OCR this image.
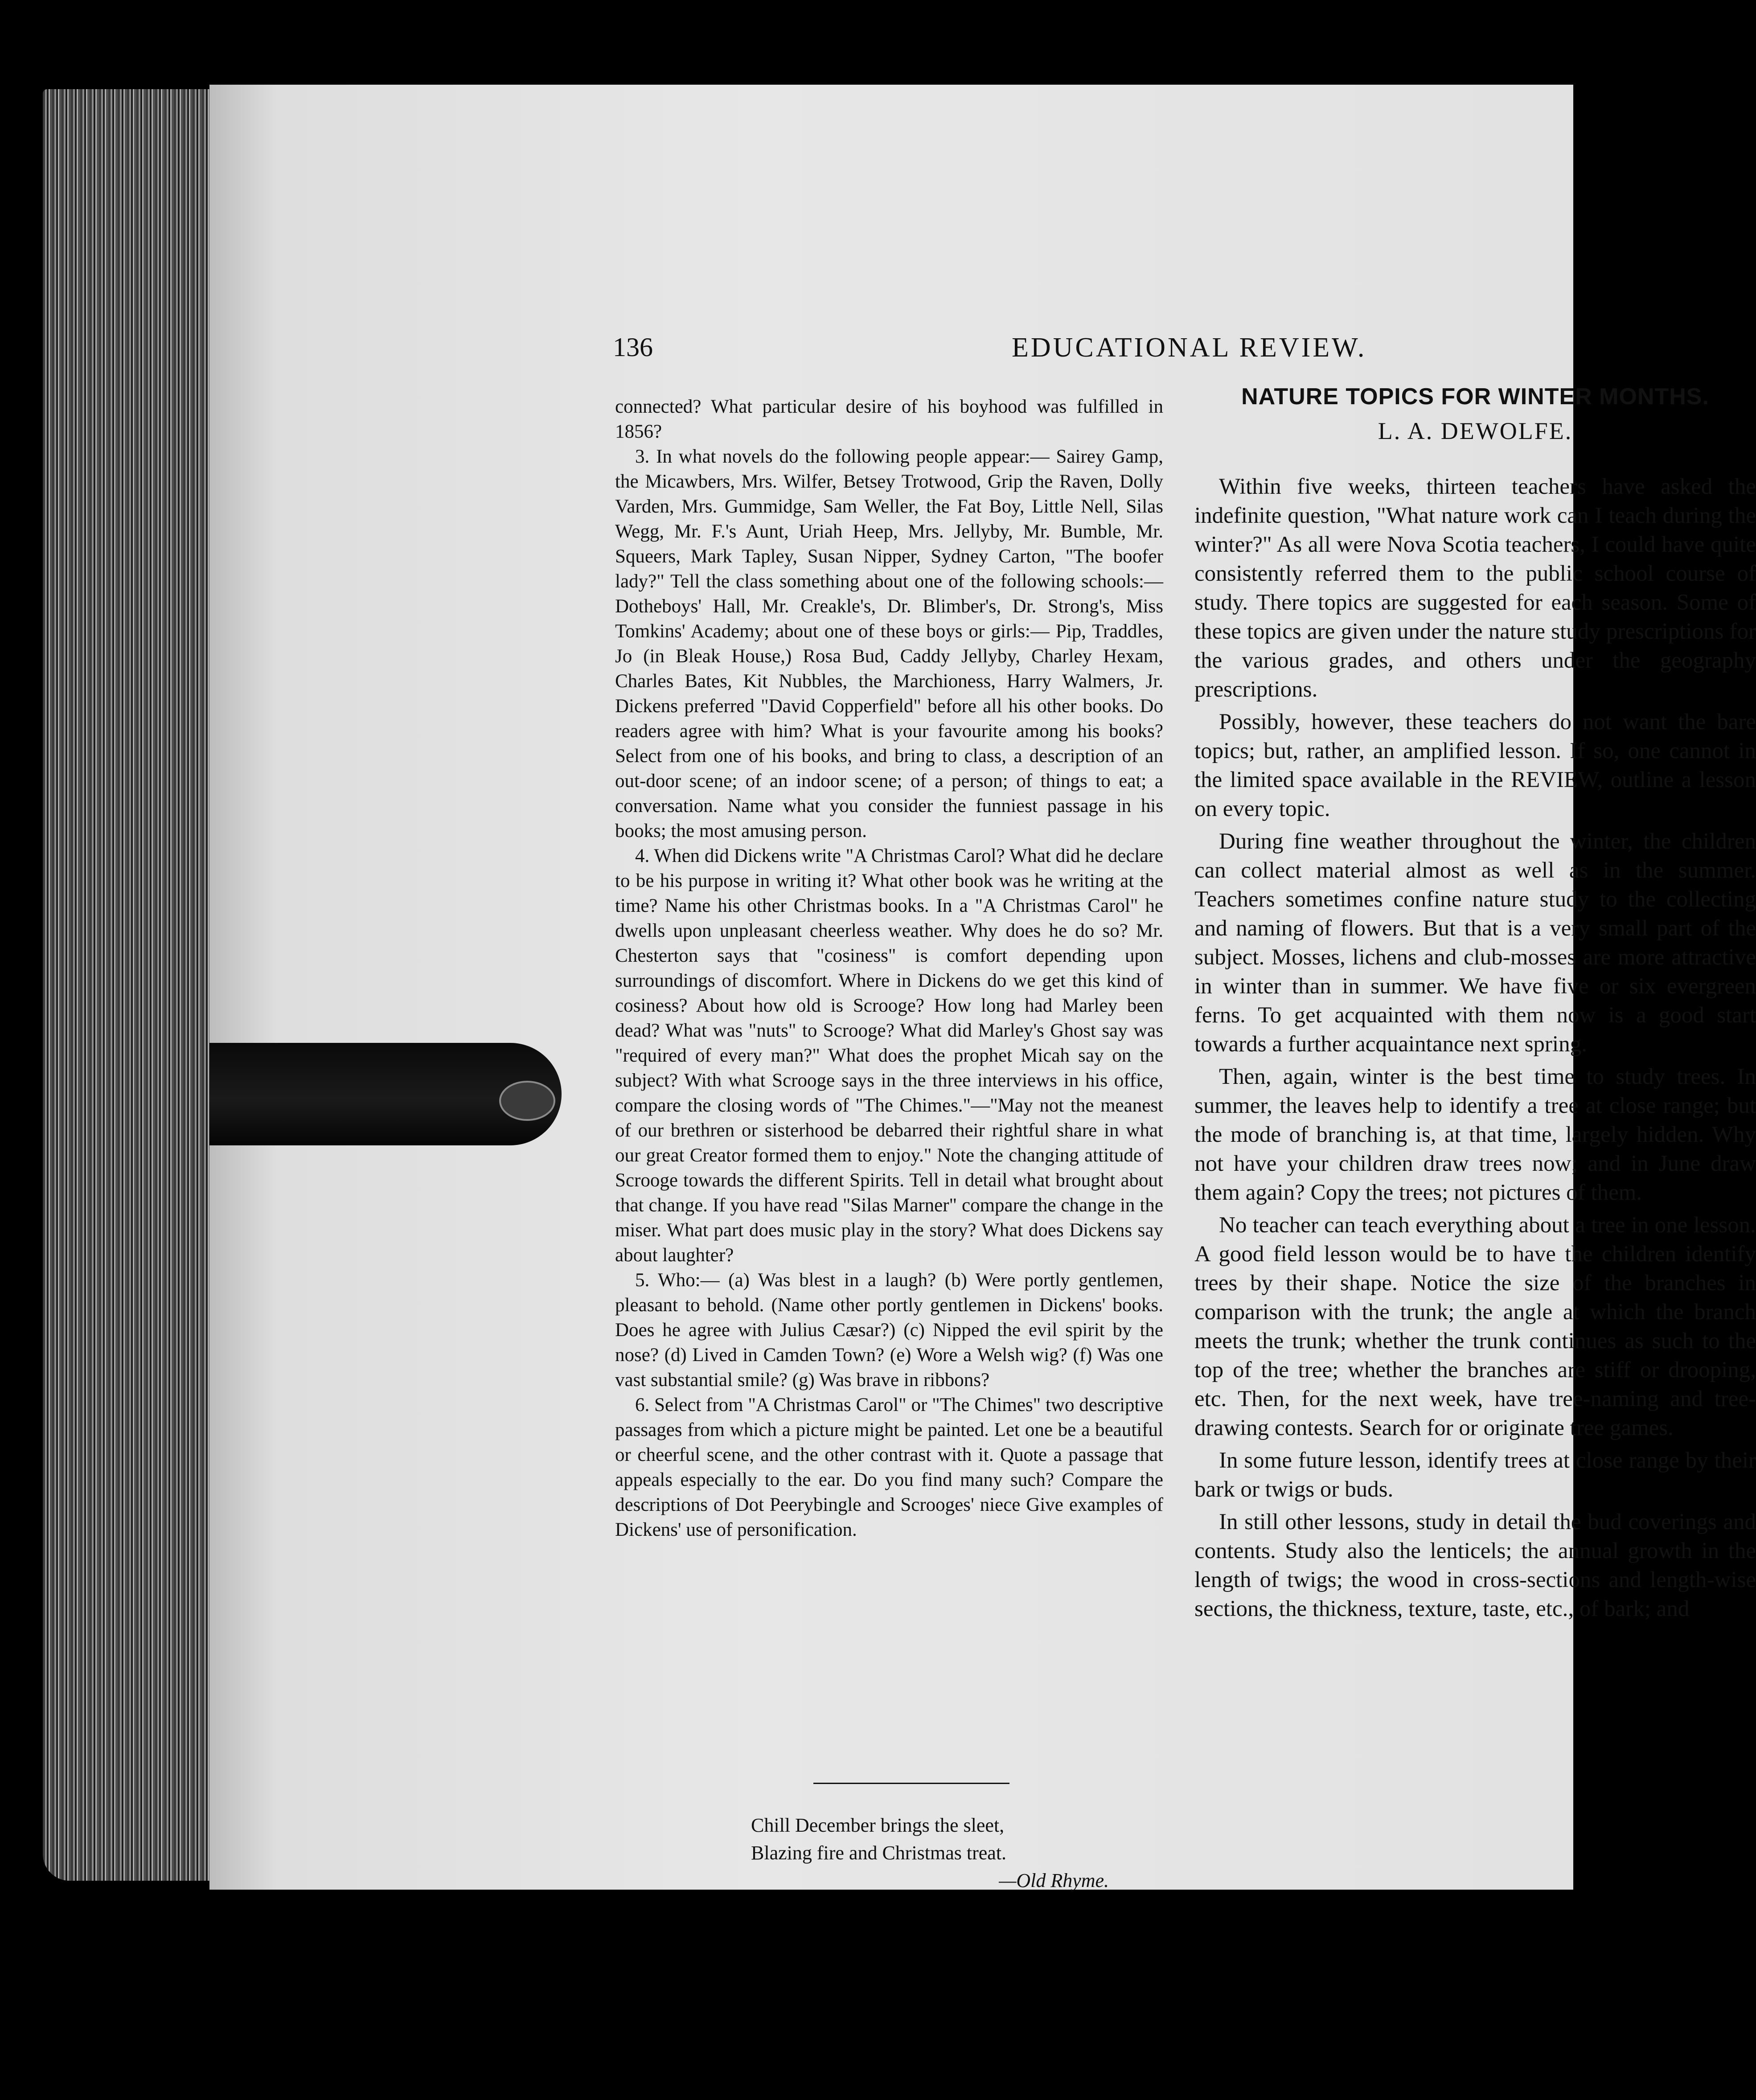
136	EDUCATIONAL REVIEW.

connected? What particular desire of his boyhood was fulfilled in 1856?

3. In what novels do the following people appear:— Sairey Gamp, the Micawbers, Mrs. Wilfer, Betsey Trotwood, Grip the Raven, Dolly Varden, Mrs. Gummidge, Sam Weller, the Fat Boy, Little Nell, Silas Wegg, Mr. F.'s Aunt, Uriah Heep, Mrs. Jellyby, Mr. Bumble, Mr. Squeers, Mark Tapley, Susan Nipper, Sydney Carton, "The boofer lady?" Tell the class something about one of the following schools:— Dotheboys' Hall, Mr. Creakle's, Dr. Blimber's, Dr. Strong's, Miss Tomkins' Academy; about one of these boys or girls:— Pip, Traddles, Jo (in Bleak House,) Rosa Bud, Caddy Jellyby, Charley Hexam, Charles Bates, Kit Nubbles, the Marchioness, Harry Walmers, Jr. Dickens preferred "David Copperfield" before all his other books. Do readers agree with him? What is your favourite among his books? Select from one of his books, and bring to class, a description of an out-door scene; of an indoor scene; of a person; of things to eat; a conversation. Name what you consider the funniest passage in his books; the most amusing person.

4. When did Dickens write "A Christmas Carol? What did he declare to be his purpose in writing it? What other book was he writing at the time? Name his other Christmas books. In a "A Christmas Carol" he dwells upon unpleasant cheerless weather. Why does he do so? Mr. Chesterton says that "cosiness" is comfort depending upon surroundings of discomfort. Where in Dickens do we get this kind of cosiness? About how old is Scrooge? How long had Marley been dead? What was "nuts" to Scrooge? What did Marley's Ghost say was "required of every man?" What does the prophet Micah say on the subject? With what Scrooge says in the three interviews in his office, compare the closing words of "The Chimes."—"May not the meanest of our brethren or sisterhood be debarred their rightful share in what our great Creator formed them to enjoy." Note the changing attitude of Scrooge towards the different Spirits. Tell in detail what brought about that change. If you have read "Silas Marner" compare the change in the miser. What part does music play in the story? What does Dickens say about laughter?

5. Who:— (a) Was blest in a laugh? (b) Were portly gentlemen, pleasant to behold. (Name other portly gentlemen in Dickens' books. Does he agree with Julius Cæsar?) (c) Nipped the evil spirit by the nose? (d) Lived in Camden Town? (e) Wore a Welsh wig? (f) Was one vast substantial smile? (g) Was brave in ribbons?

6. Select from "A Christmas Carol" or "The Chimes" two descriptive passages from which a picture might be painted. Let one be a beautiful or cheerful scene, and the other contrast with it. Quote a passage that appeals especially to the ear. Do you find many such? Compare the descriptions of Dot Peerybingle and Scrooges' niece Give examples of Dickens' use of personification.

Chill December brings the sleet,
Blazing fire and Christmas treat.
—Old Rhyme.
NATURE TOPICS FOR WINTER MONTHS.
L. A. DEWOLFE.

Within five weeks, thirteen teachers have asked the indefinite question, "What nature work can I teach during the winter?" As all were Nova Scotia teachers, I could have quite consistently referred them to the public school course of study. There topics are suggested for each season. Some of these topics are given under the nature study prescriptions for the various grades, and others under the geography prescriptions.

Possibly, however, these teachers do not want the bare topics; but, rather, an amplified lesson. If so, one cannot in the limited space available in the REVIEW, outline a lesson on every topic.

During fine weather throughout the winter, the children can collect material almost as well as in the summer. Teachers sometimes confine nature study to the collecting and naming of flowers. But that is a very small part of the subject. Mosses, lichens and club-mosses are more attractive in winter than in summer. We have five or six evergreen ferns. To get acquainted with them now is a good start towards a further acquaintance next spring.

Then, again, winter is the best time to study trees. In summer, the leaves help to identify a tree at close range; but the mode of branching is, at that time, largely hidden. Why not have your children draw trees now; and in June draw them again? Copy the trees; not pictures of them.

No teacher can teach everything about a tree in one lesson. A good field lesson would be to have the children identify trees by their shape. Notice the size of the branches in comparison with the trunk; the angle at which the branch meets the trunk; whether the trunk continues as such to the top of the tree; whether the branches are stiff or drooping, etc. Then, for the next week, have tree-naming and tree-drawing contests. Search for or originate tree games.

In some future lesson, identify trees at close range by their bark or twigs or buds.

In still other lessons, study in detail the bud coverings and contents. Study also the lenticels; the annual growth in the length of twigs; the wood in cross-sections and length-wise sections, the thickness, texture, taste, etc., of bark; and
